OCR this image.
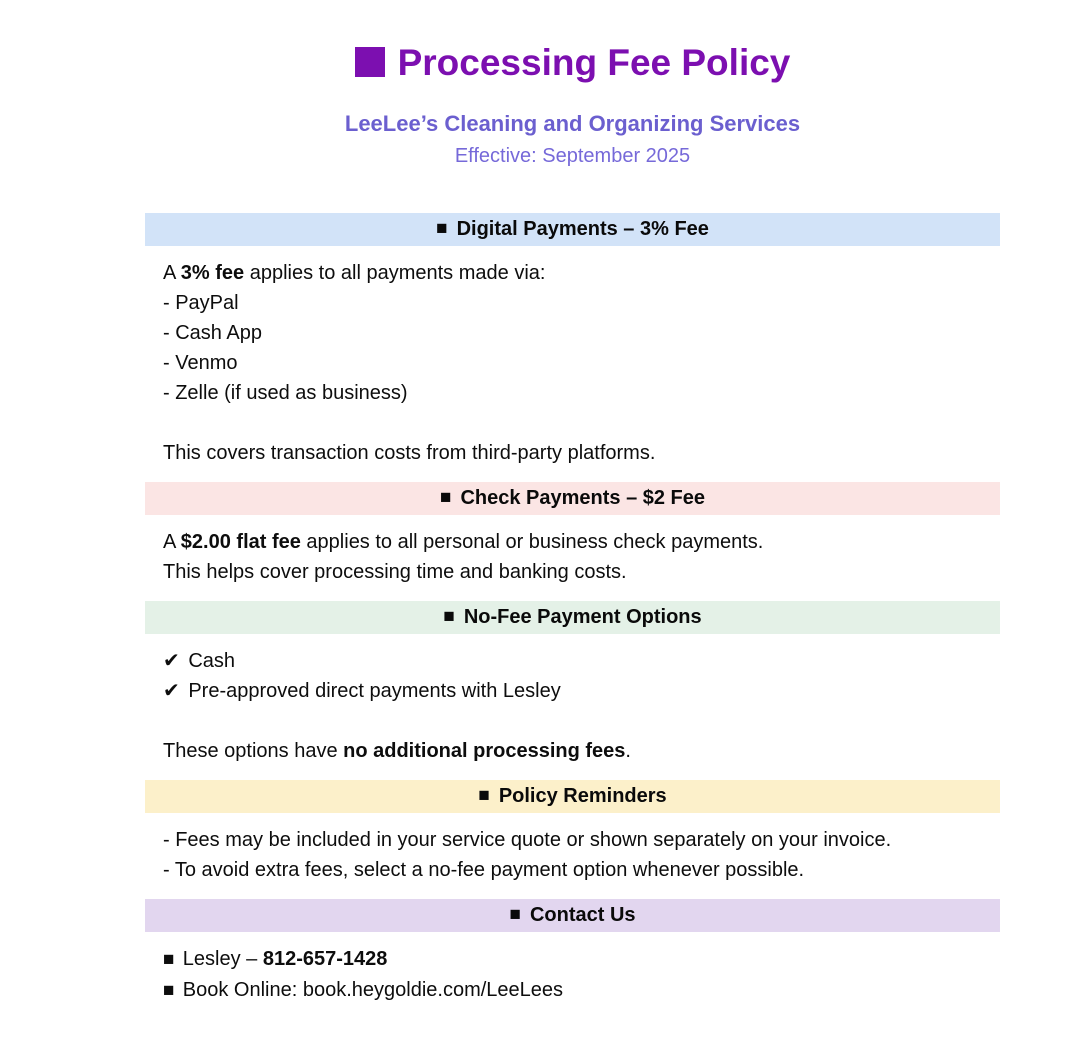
Processing Fee Policy
LeeLee’s Cleaning and Organizing Services
Effective: September 2025
■ Digital Payments – 3% Fee
A 3% fee applies to all payments made via:
- PayPal
- Cash App
- Venmo
- Zelle (if used as business)
This covers transaction costs from third-party platforms.
■ Check Payments – $2 Fee
A $2.00 flat fee applies to all personal or business check payments.
This helps cover processing time and banking costs.
■ No-Fee Payment Options
✔ Cash
✔ Pre-approved direct payments with Lesley
These options have no additional processing fees.
■ Policy Reminders
- Fees may be included in your service quote or shown separately on your invoice.
- To avoid extra fees, select a no-fee payment option whenever possible.
■ Contact Us
■ Lesley – 812-657-1428
■ Book Online: book.heygoldie.com/LeeLees
